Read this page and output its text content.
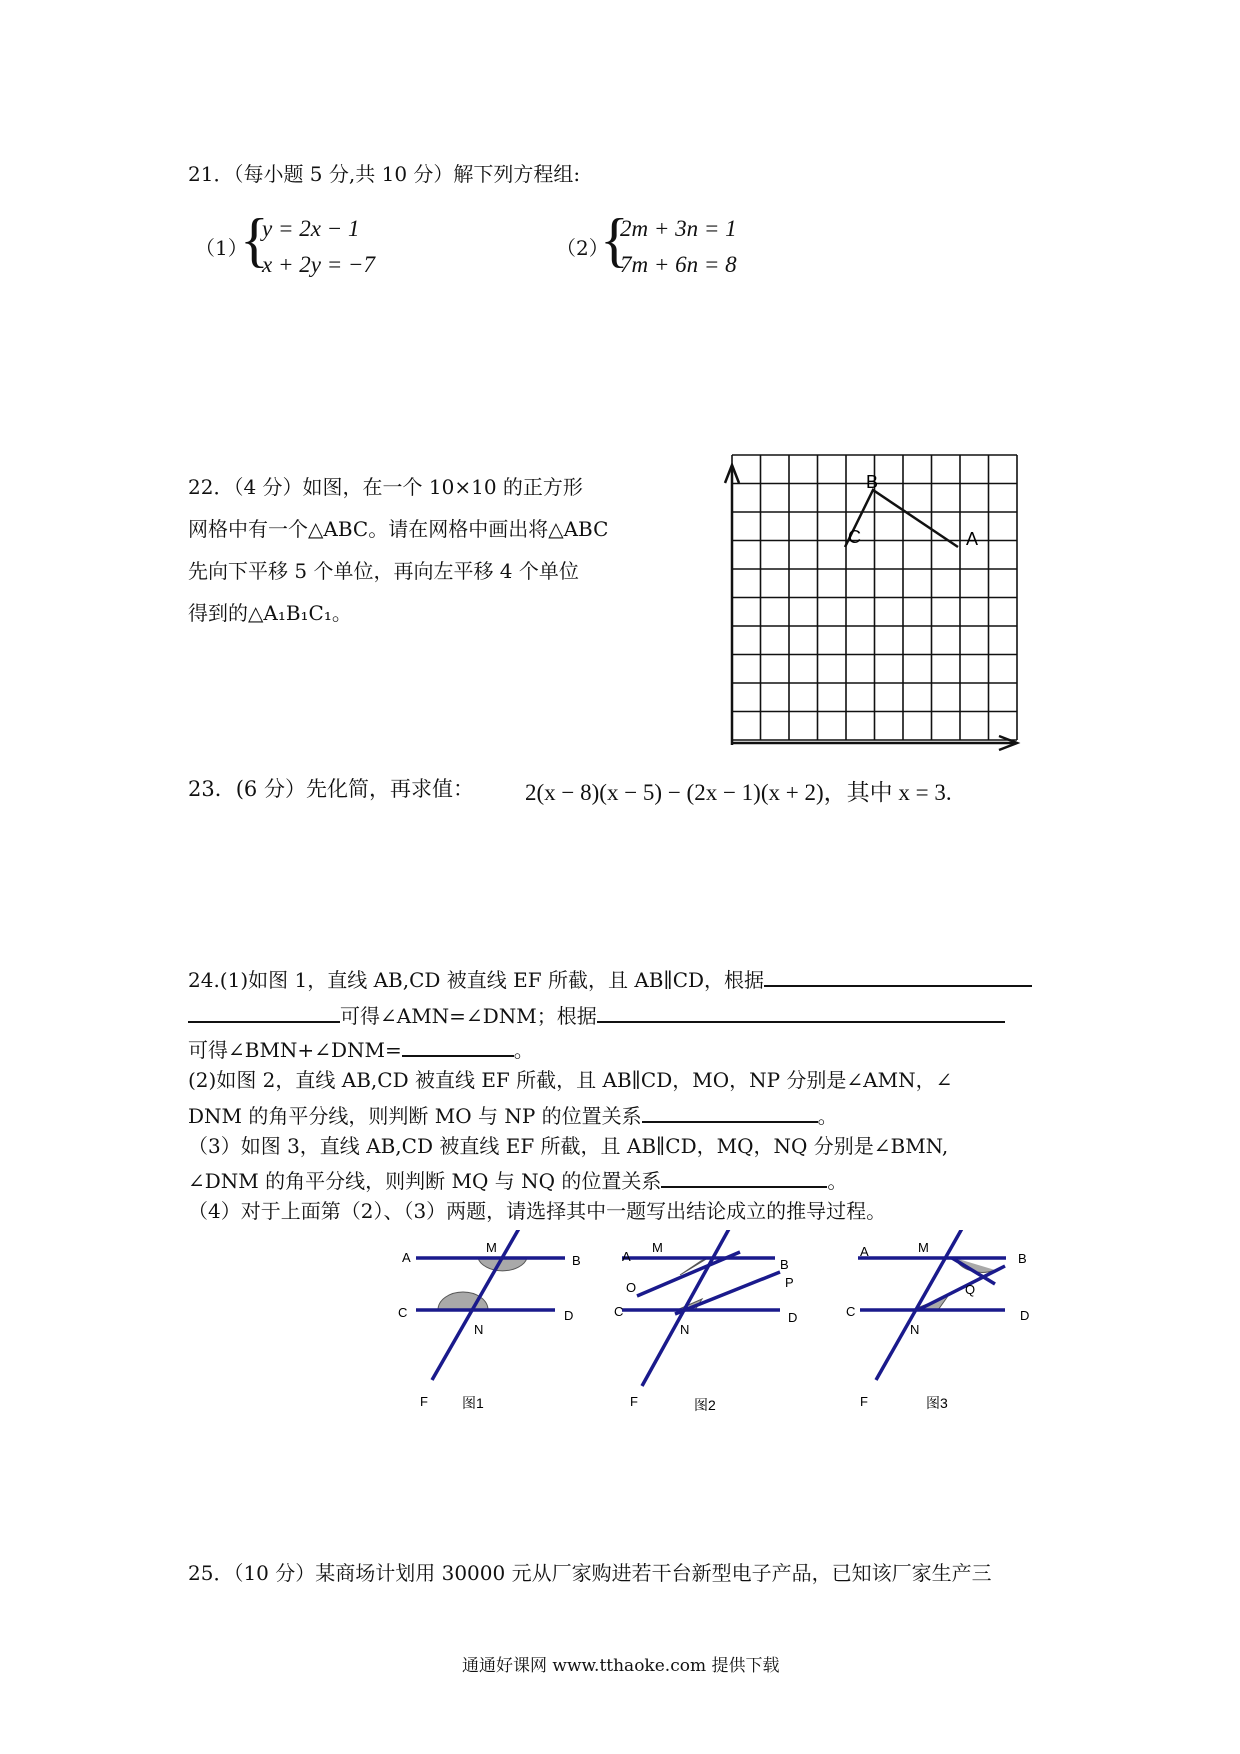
21．（每小题 5 分,共 10 分）解下列方程组:
（1）
{
y = 2x − 1
x + 2y = −7
（2）
{
2m + 3n = 1
7m + 6n = 8
22．（4 分）如图，在一个 10×10 的正方形
网格中有一个△ABC。请在网格中画出将△ABC
先向下平移 5 个单位，再向左平移 4 个单位
得到的△A₁B₁C₁。
C
B
A
23．(6 分）先化简，再求值： 2(x − 8)(x − 5) − (2x − 1)(x + 2)，其中 x = 3.
24.(1)如图 1，直线 AB,CD 被直线 EF 所截，且 AB∥CD，根据
可得∠AMN=∠DNM；根据
可得∠BMN+∠DNM=	。
(2)如图 2，直线 AB,CD 被直线 EF 所截，且 AB∥CD，MO，NP 分别是∠AMN，∠
DNM 的角平分线，则判断 MO 与 NP 的位置关系	。
（3）如图 3，直线 AB,CD 被直线 EF 所截，且 AB∥CD，MQ，NQ 分别是∠BMN,
∠DNM 的角平分线，则判断 MQ 与 NQ 的位置关系	。
（4）对于上面第（2）、（3）两题，请选择其中一题写出结论成立的推导过程。
A	B
C	D
F
M
N
图1
A
B
O	P
C	D
M
N
F	图2
A	B
C	D
M
Q
N
F	图3
25．（10 分）某商场计划用 30000 元从厂家购进若干台新型电子产品，已知该厂家生产三
通通好课网 www.tthaoke.com 提供下载
